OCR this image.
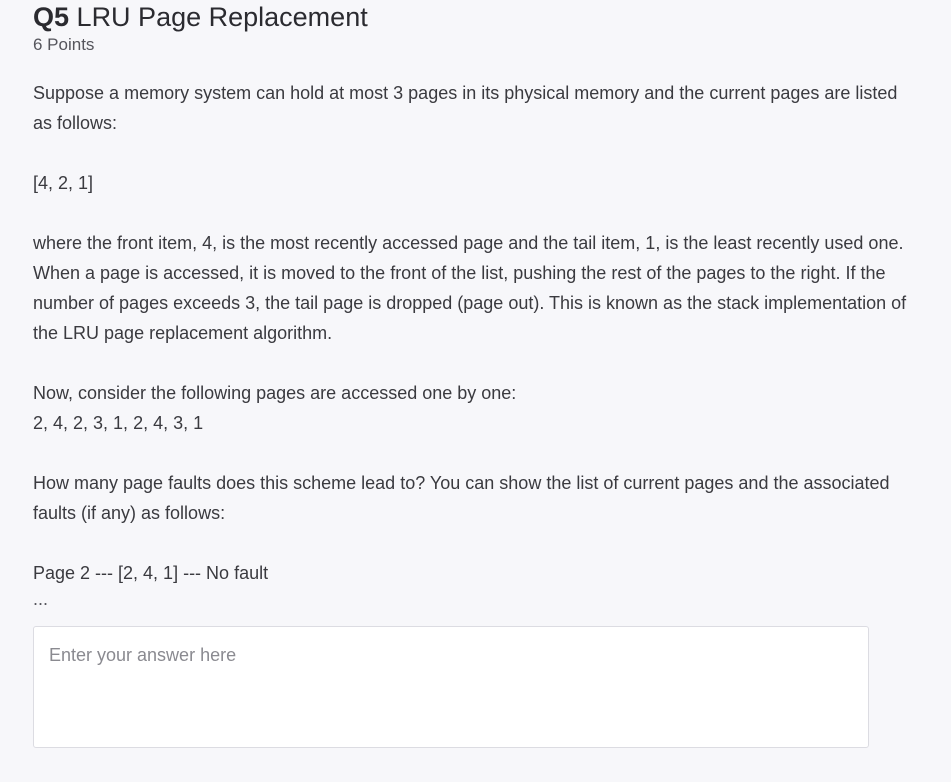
Q5 LRU Page Replacement
6 Points

Suppose a memory system can hold at most 3 pages in its physical memory and the current pages are listed as follows:

[4, 2, 1]

where the front item, 4, is the most recently accessed page and the tail item, 1, is the least recently used one. When a page is accessed, it is moved to the front of the list, pushing the rest of the pages to the right. If the number of pages exceeds 3, the tail page is dropped (page out). This is known as the stack implementation of the LRU page replacement algorithm.

Now, consider the following pages are accessed one by one:

2, 4, 2, 3, 1, 2, 4, 3, 1

How many page faults does this scheme lead to? You can show the list of current pages and the associated faults (if any) as follows:

Page 2 --- [2, 4, 1] --- No fault

...

Enter your answer here
